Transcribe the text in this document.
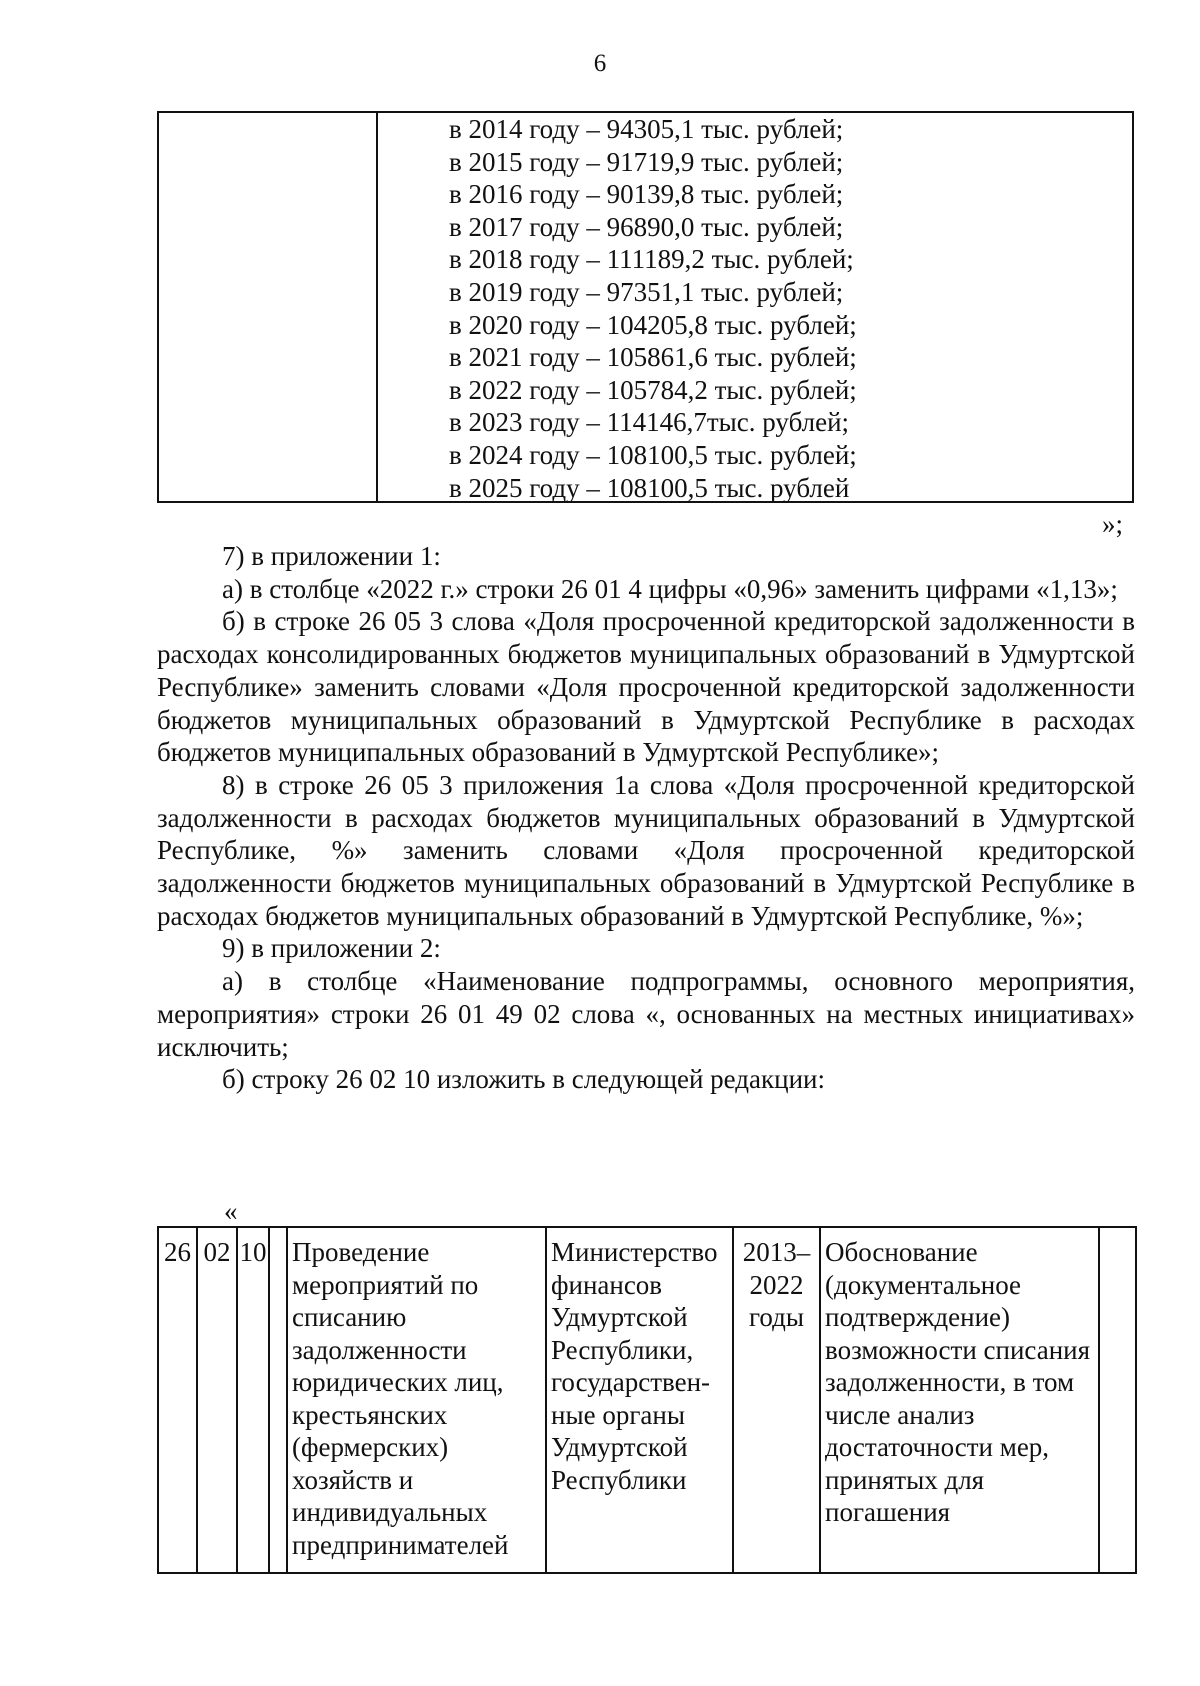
6
в 2014 году – 94305,1 тыс. рублей;
в 2015 году – 91719,9 тыс. рублей;
в 2016 году – 90139,8 тыс. рублей;
в 2017 году – 96890,0 тыс. рублей;
в 2018 году – 111189,2 тыс. рублей;
в 2019 году – 97351,1 тыс. рублей;
в 2020 году – 104205,8 тыс. рублей;
в 2021 году – 105861,6 тыс. рублей;
в 2022 году – 105784,2 тыс. рублей;
в 2023 году – 114146,7тыс. рублей;
в 2024 году – 108100,5 тыс. рублей;
в 2025 году – 108100,5 тыс. рублей
»;

7) в приложении 1:

а) в столбце «2022 г.» строки 26 01 4 цифры «0,96» заменить цифрами «1,13»;

б) в строке 26 05 3 слова «Доля просроченной кредиторской задолженности в расходах консолидированных бюджетов муниципальных образований в Удмуртской Республике» заменить словами «Доля просроченной кредиторской задолженности бюджетов муниципальных образований в Удмуртской Республике в расходах бюджетов муниципальных образований в Удмуртской Республике»;

8) в строке 26 05 3 приложения 1а слова «Доля просроченной кредиторской задолженности в расходах бюджетов муниципальных образований в Удмуртской Республике, %» заменить словами «Доля просроченной кредиторской задолженности бюджетов муниципальных образований в Удмуртской Республике в расходах бюджетов муниципальных образований в Удмуртской Республике, %»;

9) в приложении 2:

а) в столбце «Наименование подпрограммы, основного мероприятия, мероприятия» строки 26 01 49 02 слова «, основанных на местных инициативах» исключить;

б) строку 26 02 10 изложить в следующей редакции:

«
26	02	10		Проведение мероприятий по списанию задолженности юридических лиц, крестьянских (фермерских) хозяйств и индивидуальных предпринимателей	Министерство финансов Удмуртской Республики, государствен-ные органы Удмуртской Республики	2013–2022 годы	Обоснование (документальное подтверждение) возможности списания задолженности, в том числе анализ достаточности мер, принятых для погашения	
